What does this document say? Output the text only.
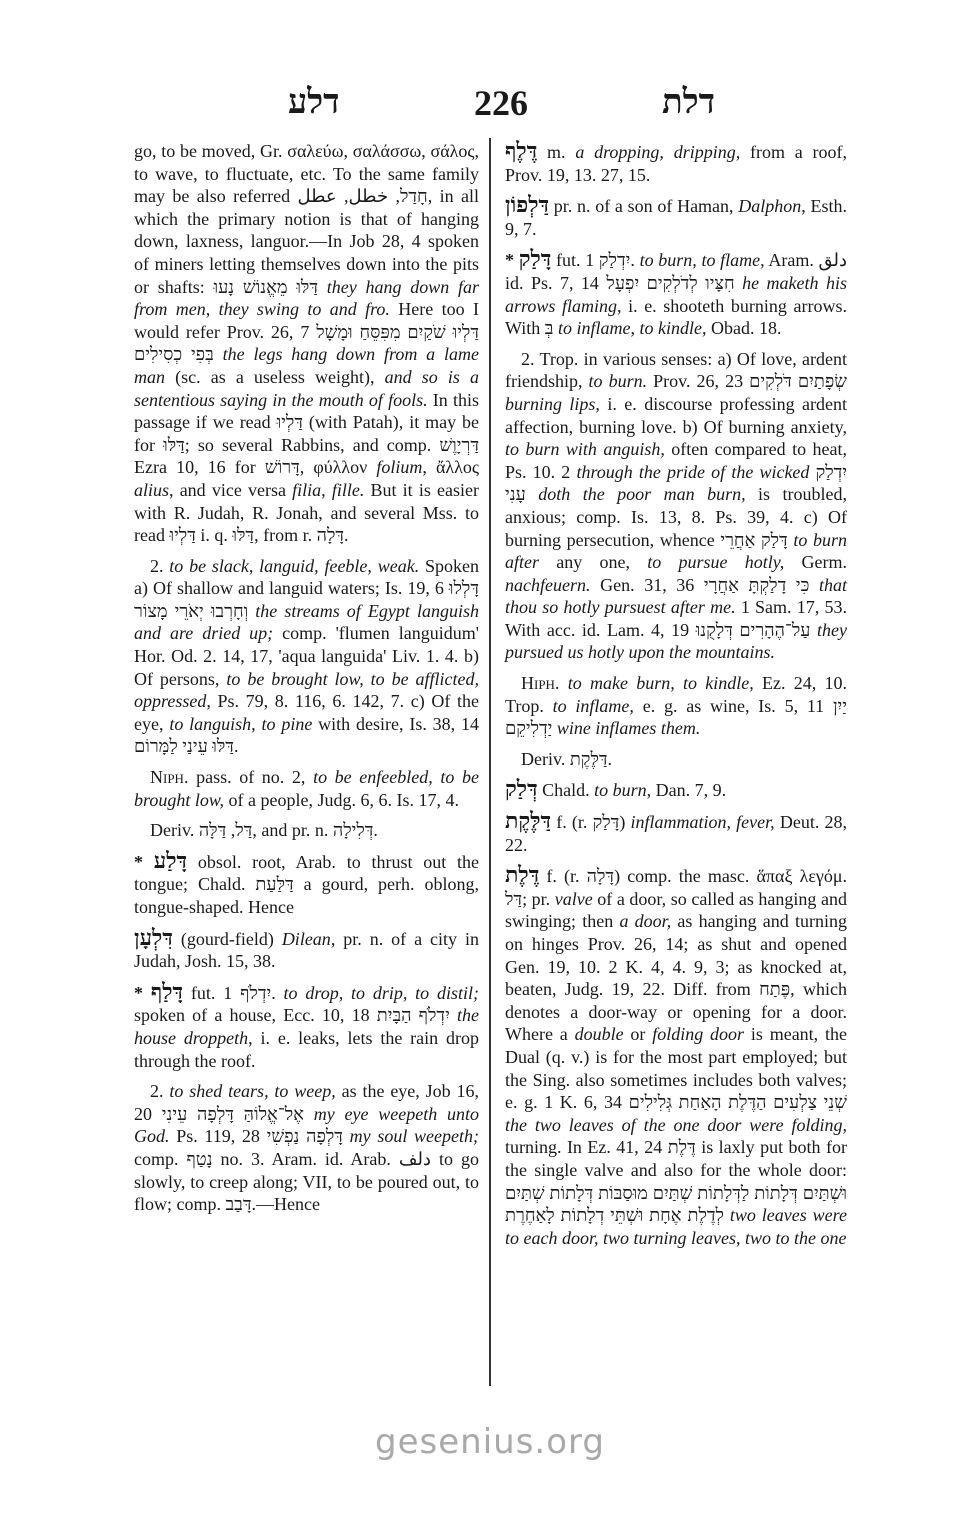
דלע	226	דלת

go, to be moved, Gr. σαλεύω, σαλάσσω, σάλος, to wave, to fluctuate, etc. To the same family may be also referred חָדַל, خطل, عطل, in all which the primary notion is that of hanging down, laxness, languor.—In Job 28, 4 spoken of miners letting themselves down into the pits or shafts: דַּלּוּ מֵאֱנוֹשׁ נָעוּ they hang down far from men, they swing to and fro. Here too I would refer Prov. 26, 7 דַּלְיוּ שֹׁקַיִם מִפִּסֵּחַ וּמָשָׁל בְּפִי כְסִילִים the legs hang down from a lame man (sc. as a useless weight), and so is a sententious saying in the mouth of fools. In this passage if we read דַּלְיוּ (with Patah), it may be for דַּלּוּ; so several Rabbins, and comp. דַּרְיָוֶשׁ Ezra 10, 16 for דָּרוֹשׁ, φύλλον folium, ἄλλος alius, and vice versa filia, fille. But it is easier with R. Judah, R. Jonah, and several Mss. to read דַּלְיוּ i. q. דַּלּוּ, from r. דָּלָה.

2. to be slack, languid, feeble, weak. Spoken a) Of shallow and languid waters; Is. 19, 6 דָּלְלוּ וְחָרְבוּ יְאֹרֵי מָצוֹר the streams of Egypt languish and are dried up; comp. 'flumen languidum' Hor. Od. 2. 14, 17, 'aqua languida' Liv. 1. 4. b) Of persons, to be brought low, to be afflicted, oppressed, Ps. 79, 8. 116, 6. 142, 7. c) Of the eye, to languish, to pine with desire, Is. 38, 14 דַּלּוּ עֵינַי לַמָּרוֹם.

Niph. pass. of no. 2, to be enfeebled, to be brought low, of a people, Judg. 6, 6. Is. 17, 4.

Deriv. דַּל, דַּלָּה, and pr. n. דְּלִילָה.

* דָּלַע obsol. root, Arab. to thrust out the tongue; Chald. דַּלַּעַת a gourd, perh. oblong, tongue-shaped. Hence

דִּלְעָן (gourd-field) Dilean, pr. n. of a city in Judah, Josh. 15, 38.

* דָּלַף fut. יִדְלֹף 1. to drop, to drip, to distil; spoken of a house, Ecc. 10, 18 יִדְלֹף הַבָּיִת the house droppeth, i. e. leaks, lets the rain drop through the roof.

2. to shed tears, to weep, as the eye, Job 16, 20 אֶל־אֱלוֹהַּ דָּלְפָה עֵינִי my eye weepeth unto God. Ps. 119, 28 דָּלְפָה נַפְשִׁי my soul weepeth; comp. נָטַף no. 3. Aram. id. Arab. دلف to go slowly, to creep along; VII, to be poured out, to flow; comp. דָּבַב.—Hence

דֶּלֶף m. a dropping, dripping, from a roof, Prov. 19, 13. 27, 15.

דַּלְפוֹן pr. n. of a son of Haman, Dalphon, Esth. 9, 7.

* דָּלַק fut. יִדְלַק 1. to burn, to flame, Aram. دلق id. Ps. 7, 14 חִצָּיו לְדֹלְקִים יִפְעָל he maketh his arrows flaming, i. e. shooteth burning arrows. With בְּ to inflame, to kindle, Obad. 18.

2. Trop. in various senses: a) Of love, ardent friendship, to burn. Prov. 26, 23 שְׂפָתַיִם דֹּלְקִים burning lips, i. e. discourse professing ardent affection, burning love. b) Of burning anxiety, to burn with anguish, often compared to heat, Ps. 10. 2 through the pride of the wicked יִדְלַק עָנִי doth the poor man burn, is troubled, anxious; comp. Is. 13, 8. Ps. 39, 4. c) Of burning persecution, whence דָּלַק אַחֲרֵי to burn after any one, to pursue hotly, Germ. nachfeuern. Gen. 31, 36 כִּי דָלַקְתָּ אַחֲרָי that thou so hotly pursuest after me. 1 Sam. 17, 53. With acc. id. Lam. 4, 19 עַל־הֶהָרִים דְּלָקֻנוּ they pursued us hotly upon the mountains.

Hiph. to make burn, to kindle, Ez. 24, 10. Trop. to inflame, e. g. as wine, Is. 5, 11 יַיִן יַדְלִיקֵם wine inflames them.

Deriv. דַּלֶּקֶת.

דְּלַק Chald. to burn, Dan. 7, 9.

דַּלֶּקֶת f. (r. דָּלַק) inflammation, fever, Deut. 28, 22.

דֶּלֶת f. (r. דָּלָה) comp. the masc. ἅπαξ λεγόμ. דַּל; pr. valve of a door, so called as hanging and swinging; then a door, as hanging and turning on hinges Prov. 26, 14; as shut and opened Gen. 19, 10. 2 K. 4, 4. 9, 3; as knocked at, beaten, Judg. 19, 22. Diff. from פֶּתַח, which denotes a door-way or opening for a door. Where a double or folding door is meant, the Dual (q. v.) is for the most part employed; but the Sing. also sometimes includes both valves; e. g. 1 K. 6, 34 שְׁנֵי צַלְעִים הַדֶּלֶת הָאַחַת גְּלִילִים the two leaves of the one door were folding, turning. In Ez. 41, 24 דֶּלֶת is laxly put both for the single valve and also for the whole door: וּשְׁתַּיִם דְּלָתוֹת לַדְּלָתוֹת שְׁתַּיִם מוּסַבּוֹת דְּלָתוֹת שְׁתַּיִם לְדֶלֶת אֶחָת וּשְׁתֵּי דְלָתוֹת לָאַחֶרֶת two leaves were to each door, two turning leaves, two to the one

gesenius.org
